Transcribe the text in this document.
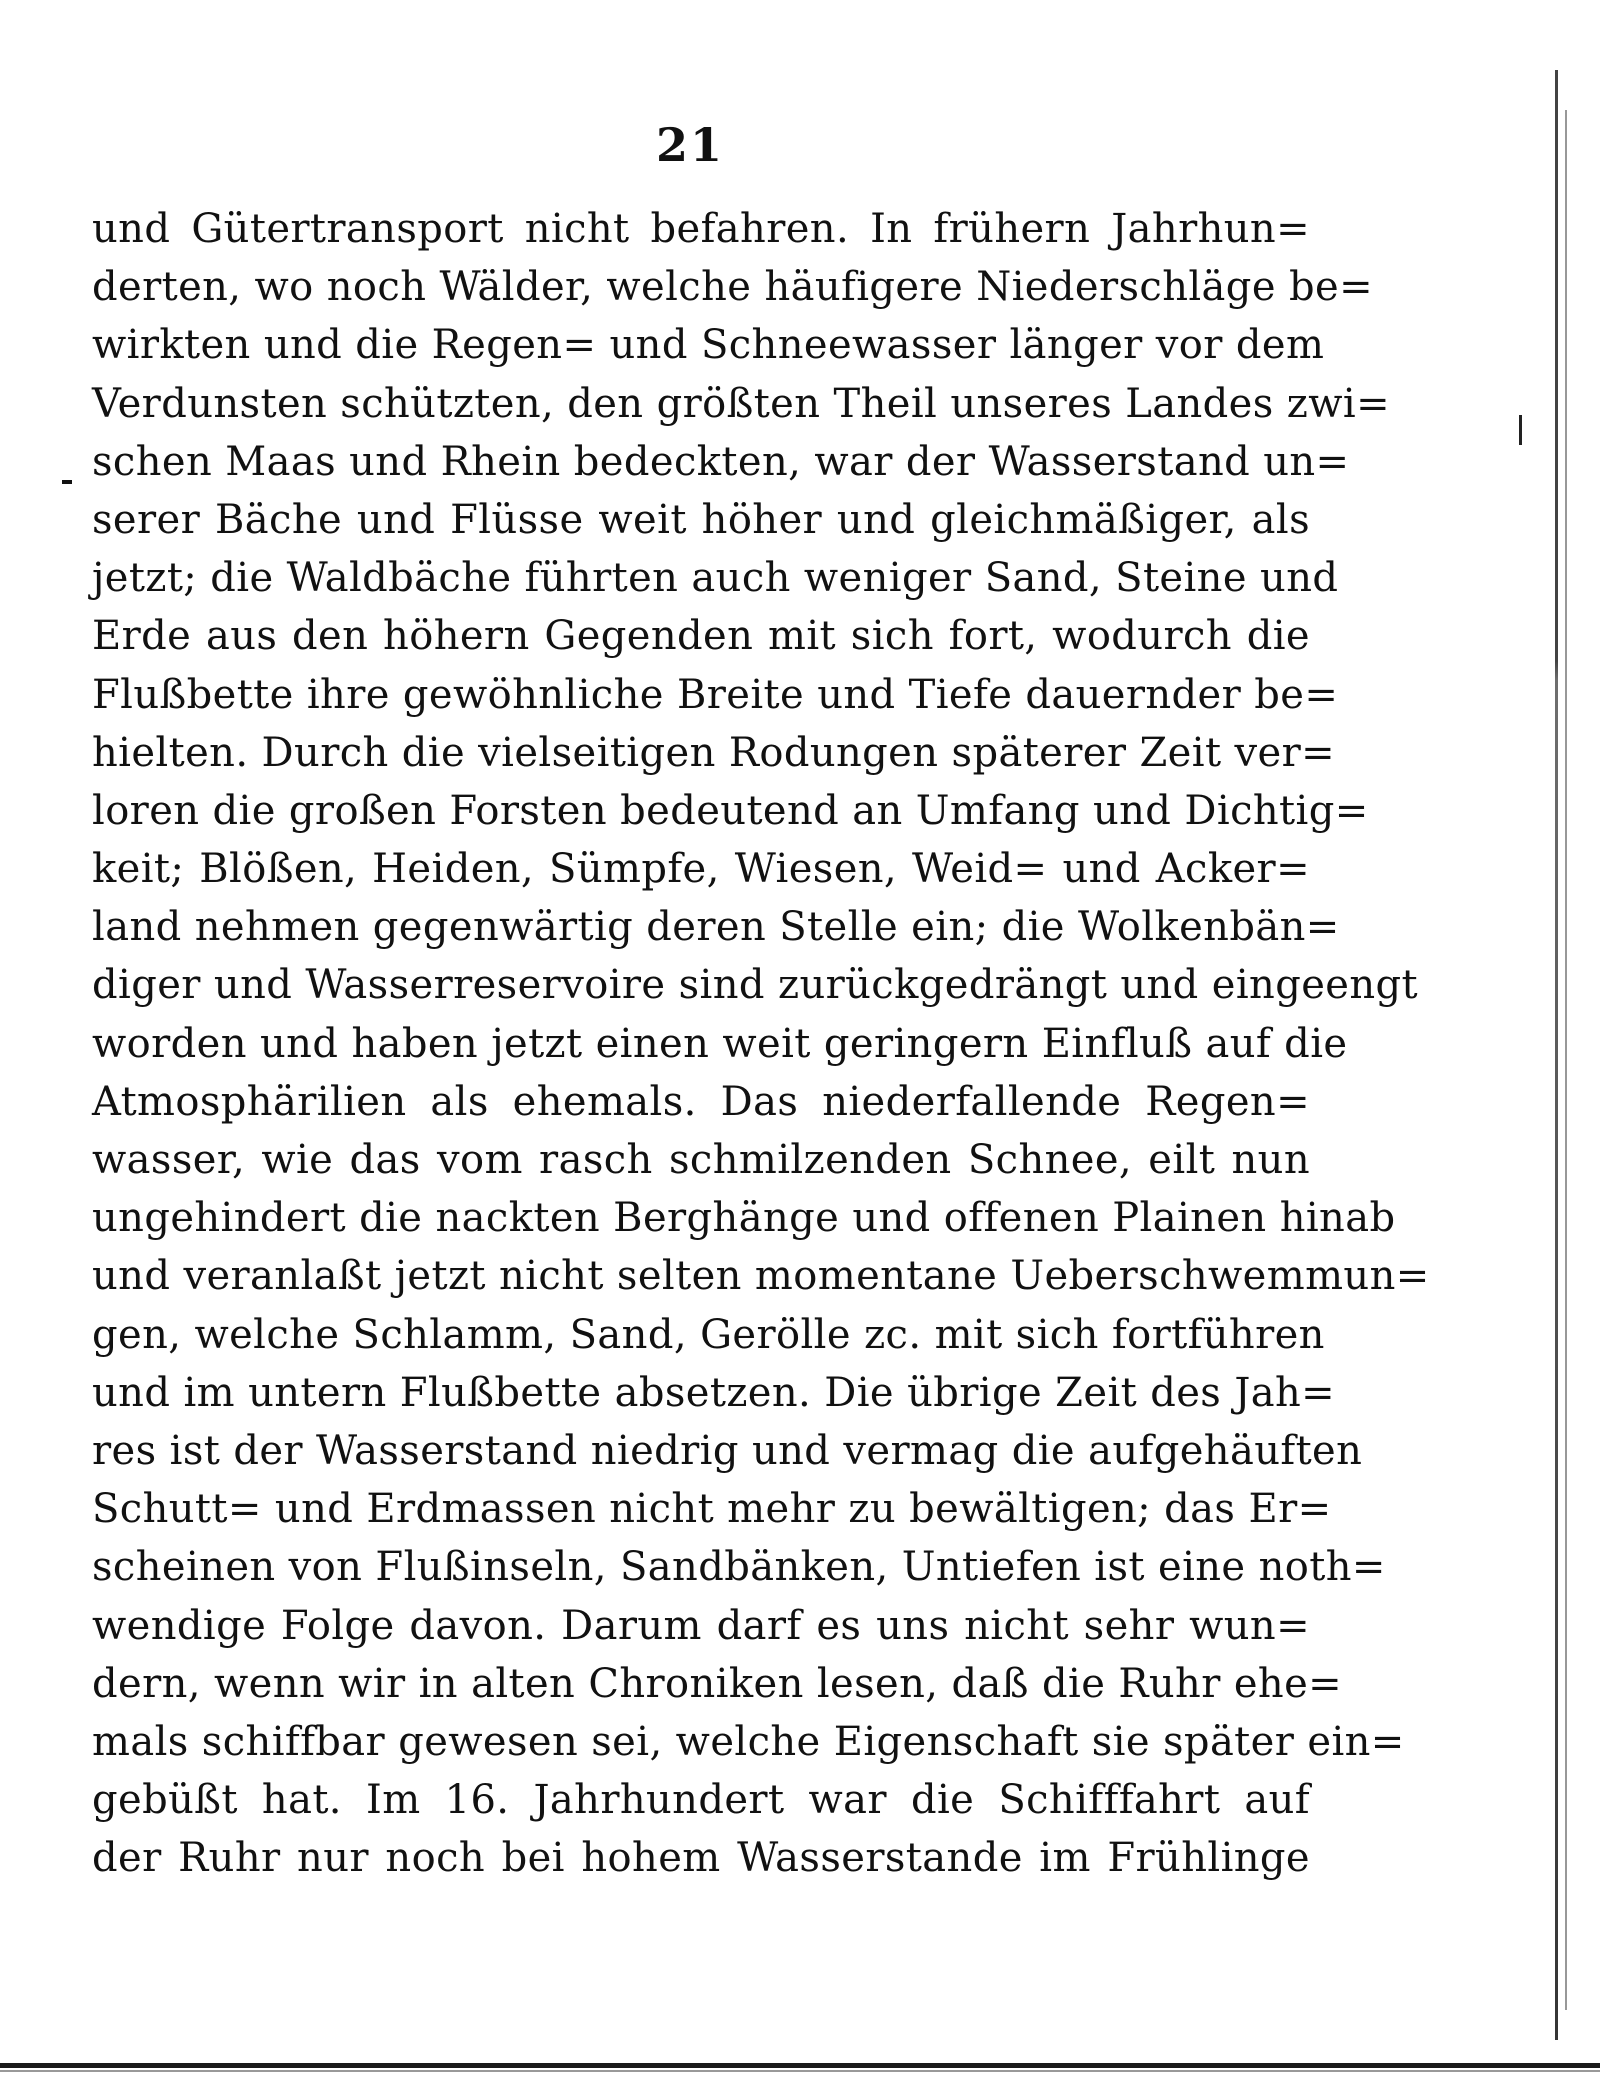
21
und Gütertransport nicht befahren. In frühern Jahrhun=
derten, wo noch Wälder, welche häufigere Niederschläge be=
wirkten und die Regen= und Schneewasser länger vor dem
Verdunsten schützten, den größten Theil unseres Landes zwi=
schen Maas und Rhein bedeckten, war der Wasserstand un=
serer Bäche und Flüsse weit höher und gleichmäßiger, als
jetzt; die Waldbäche führten auch weniger Sand, Steine und
Erde aus den höhern Gegenden mit sich fort, wodurch die
Flußbette ihre gewöhnliche Breite und Tiefe dauernder be=
hielten. Durch die vielseitigen Rodungen späterer Zeit ver=
loren die großen Forsten bedeutend an Umfang und Dichtig=
keit; Blößen, Heiden, Sümpfe, Wiesen, Weid= und Acker=
land nehmen gegenwärtig deren Stelle ein; die Wolkenbän=
diger und Wasserreservoire sind zurückgedrängt und eingeengt
worden und haben jetzt einen weit geringern Einfluß auf die
Atmosphärilien als ehemals. Das niederfallende Regen=
wasser, wie das vom rasch schmilzenden Schnee, eilt nun
ungehindert die nackten Berghänge und offenen Plainen hinab
und veranlaßt jetzt nicht selten momentane Ueberschwemmun=
gen, welche Schlamm, Sand, Gerölle zc. mit sich fortführen
und im untern Flußbette absetzen. Die übrige Zeit des Jah=
res ist der Wasserstand niedrig und vermag die aufgehäuften
Schutt= und Erdmassen nicht mehr zu bewältigen; das Er=
scheinen von Flußinseln, Sandbänken, Untiefen ist eine noth=
wendige Folge davon. Darum darf es uns nicht sehr wun=
dern, wenn wir in alten Chroniken lesen, daß die Ruhr ehe=
mals schiffbar gewesen sei, welche Eigenschaft sie später ein=
gebüßt hat. Im 16. Jahrhundert war die Schifffahrt auf
der Ruhr nur noch bei hohem Wasserstande im Frühlinge
